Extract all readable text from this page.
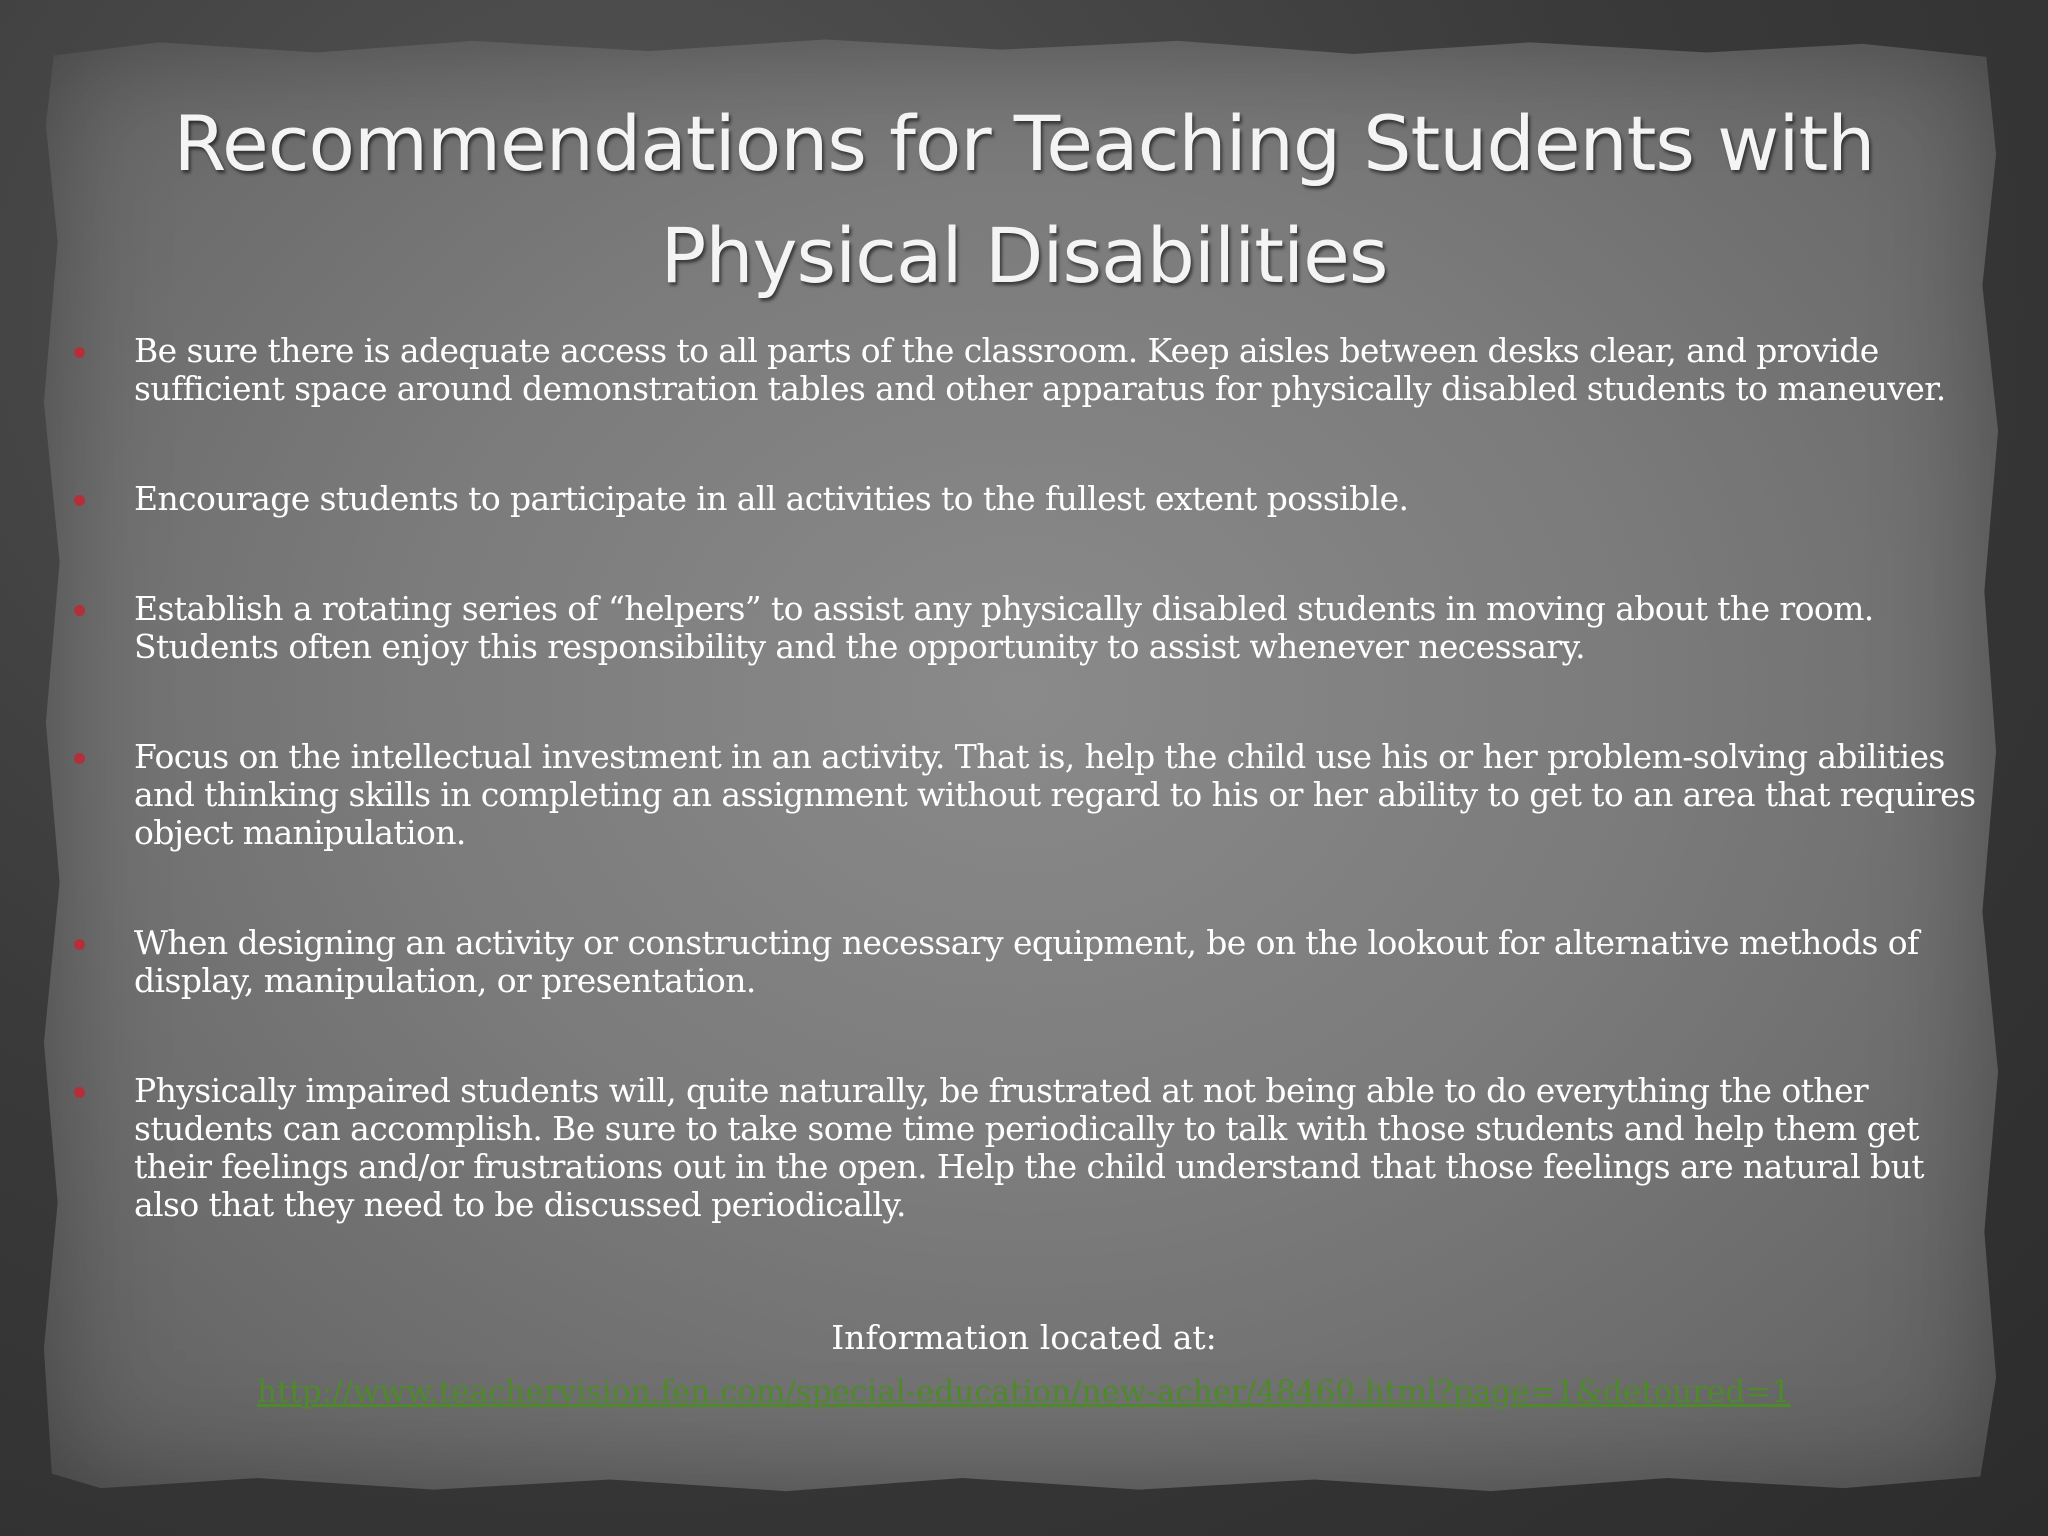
Recommendations for Teaching Students with Physical Disabilities
Be sure there is adequate access to all parts of the classroom. Keep aisles between desks clear, and provide sufficient space around demonstration tables and other apparatus for physically disabled students to maneuver.
Encourage students to participate in all activities to the fullest extent possible.
Establish a rotating series of “helpers” to assist any physically disabled students in moving about the room. Students often enjoy this responsibility and the opportunity to assist whenever necessary.
Focus on the intellectual investment in an activity. That is, help the child use his or her problem-solving abilities and thinking skills in completing an assignment without regard to his or her ability to get to an area that requires object manipulation.
When designing an activity or constructing necessary equipment, be on the lookout for alternative methods of display, manipulation, or presentation.
Physically impaired students will, quite naturally, be frustrated at not being able to do everything the other students can accomplish. Be sure to take some time periodically to talk with those students and help them get their feelings and/or frustrations out in the open. Help the child understand that those feelings are natural but also that they need to be discussed periodically.
Information located at:
http://www.teachervision.fen.com/special-education/new-acher/48460.html?page=1&detoured=1
